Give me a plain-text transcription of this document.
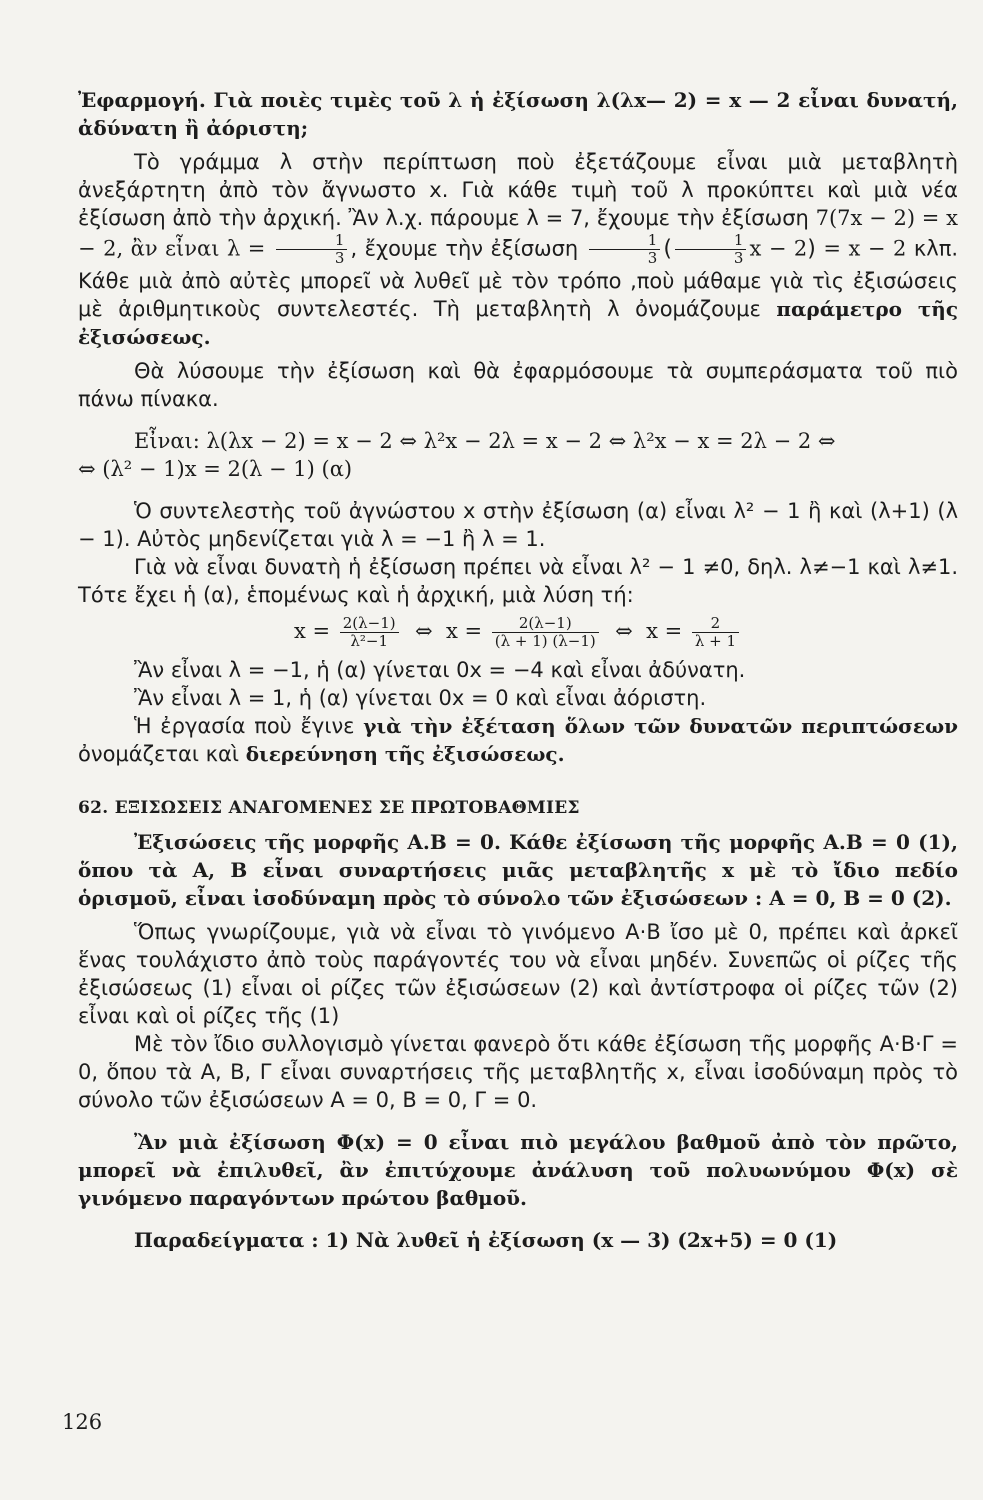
Ἐφαρμογή. Γιὰ ποιὲς τιμὲς τοῦ λ ἡ ἐξίσωση λ(λx— 2) = x — 2 εἶναι δυνατή, ἀδύνατη ἢ ἀόριστη;

Τὸ γράμμα λ στὴν περίπτωση ποὺ ἐξετάζουμε εἶναι μιὰ μεταβλητὴ ἀνεξάρτητη ἀπὸ τὸν ἄγνωστο x. Γιὰ κάθε τιμὴ τοῦ λ προκύπτει καὶ μιὰ νέα ἐξίσωση ἀπὸ τὴν ἀρχική. Ἂν λ.χ. πάρουμε λ = 7, ἔχουμε τὴν ἐξίσωση 7(7x − 2) = x − 2, ἂν εἶναι $\lambda = \frac{1}{3}$ , ἔχουμε τὴν ἐξίσωση $\frac{1}{3}$ ( $\frac{1}{3}$ x − 2) = x − 2 κλπ. Κάθε μιὰ ἀπὸ αὐτὲς μπορεῖ νὰ λυθεῖ μὲ τὸν τρόπο ,ποὺ μάθαμε γιὰ τὶς ἐξισώσεις μὲ ἀριθμητικοὺς συντελεστές. Τὴ μεταβλητὴ λ ὀνομάζουμε παράμετρο τῆς ἐξισώσεως.

Θὰ λύσουμε τὴν ἐξίσωση καὶ θὰ ἐφαρμόσουμε τὰ συμπεράσματα τοῦ πιὸ πάνω πίνακα.

Εἶναι: λ(λx − 2) = x − 2 ⇔ λ²x − 2λ = x − 2 ⇔ λ²x − x = 2λ − 2 ⇔

⇔ (λ² − 1)x = 2(λ − 1) (α)

Ὁ συντελεστὴς τοῦ ἀγνώστου x στὴν ἐξίσωση (α) εἶναι λ² − 1 ἢ καὶ (λ+1) (λ − 1). Αὐτὸς μηδενίζεται γιὰ λ = −1 ἢ λ = 1.

Γιὰ νὰ εἶναι δυνατὴ ἡ ἐξίσωση πρέπει νὰ εἶναι λ² − 1 ≠0, δηλ. λ≠−1 καὶ λ≠1. Τότε ἔχει ἡ (α), ἑπομένως καὶ ἡ ἀρχική, μιὰ λύση τή:

$x = \frac{2(\lambda-1)}{\text{λ²−1}}$ ⇔ $x = \frac{2(\lambda-1)}{(\lambda + 1) (\lambda-1)}$ ⇔ $x = \frac{2}{\lambda + 1}$

Ἂν εἶναι λ = −1, ἡ (α) γίνεται 0x = −4 καὶ εἶναι ἀδύνατη.

Ἂν εἶναι λ = 1, ἡ (α) γίνεται 0x = 0 καὶ εἶναι ἀόριστη.

Ἡ ἐργασία ποὺ ἔγινε γιὰ τὴν ἐξέταση ὅλων τῶν δυνατῶν περιπτώσεων ὀνομάζεται καὶ διερεύνηση τῆς ἐξισώσεως.

62. ΕΞΙΣΩΣΕΙΣ ΑΝΑΓΟΜΕΝΕΣ ΣΕ ΠΡΩΤΟΒΑΘΜΙΕΣ

Ἐξισώσεις τῆς μορφῆς A.B = 0. Κάθε ἐξίσωση τῆς μορφῆς A.B = 0 (1), ὅπου τὰ A, B εἶναι συναρτήσεις μιᾶς μεταβλητῆς x μὲ τὸ ἴδιο πεδίο ὁρισμοῦ, εἶναι ἰσοδύναμη πρὸς τὸ σύνολο τῶν ἐξισώσεων : A = 0, B = 0 (2).

Ὅπως γνωρίζουμε, γιὰ νὰ εἶναι τὸ γινόμενο A·B ἴσο μὲ 0, πρέπει καὶ ἀρκεῖ ἕνας τουλάχιστο ἀπὸ τοὺς παράγοντές του νὰ εἶναι μηδέν. Συνεπῶς οἱ ρίζες τῆς ἐξισώσεως (1) εἶναι οἱ ρίζες τῶν ἐξισώσεων (2) καὶ ἀντίστροφα οἱ ρίζες τῶν (2) εἶναι καὶ οἱ ρίζες τῆς (1)

Μὲ τὸν ἴδιο συλλογισμὸ γίνεται φανερὸ ὅτι κάθε ἐξίσωση τῆς μορφῆς A·B·Γ = 0, ὅπου τὰ A, B, Γ εἶναι συναρτήσεις τῆς μεταβλητῆς x, εἶναι ἰσοδύναμη πρὸς τὸ σύνολο τῶν ἐξισώσεων A = 0, B = 0, Γ = 0.

Ἂν μιὰ ἐξίσωση Φ(x) = 0 εἶναι πιὸ μεγάλου βαθμοῦ ἀπὸ τὸν πρῶτο, μπορεῖ νὰ ἐπιλυθεῖ, ἂν ἐπιτύχουμε ἀνάλυση τοῦ πολυωνύμου Φ(x) σὲ γινόμενο παραγόντων πρώτου βαθμοῦ.

Παραδείγματα : 1) Νὰ λυθεῖ ἡ ἐξίσωση (x — 3) (2x+5) = 0 (1)

126
